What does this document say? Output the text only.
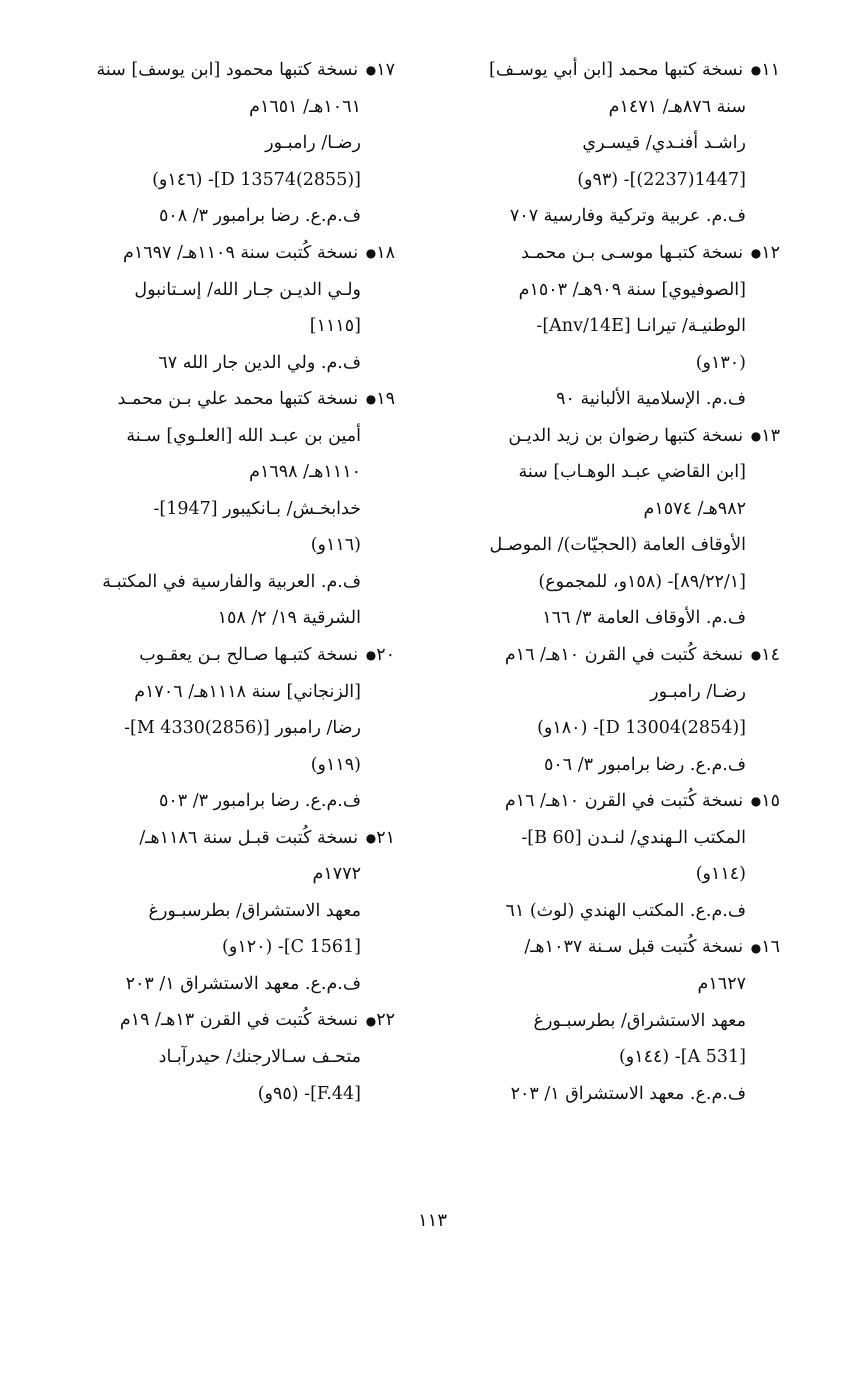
١١● نسخة كتبها محمد [ابن أبي يوسـف]
سنة ٨٧٦هـ/ ١٤٧١م
راشـد أفنـدي/ قيسـري
[1447(2237)]- (٩٣و)
ف.م. عربية وتركية وفارسية ٧٠٧
١٢● نسخة كتبـها موسـى بـن محمـد
[الصوفيوي] سنة ٩٠٩هـ/ ١٥٠٣م
الوطنيـة/ تيرانـا [Anv/14E]-
(١٣٠و)
ف.م. الإسلامية الألبانية ٩٠
١٣● نسخة كتبها رضوان بن زيد الديـن
[ابن القاضي عبـد الوهـاب] سنة
٩٨٢هـ/ ١٥٧٤م
الأوقاف العامة (الحجيّات)/ الموصـل
[٨٩/٢٢/١]- (١٥٨و، للمجموع)
ف.م. الأوقاف العامة ٣/ ١٦٦
١٤● نسخة كُتبت في القرن ١٠هـ/ ١٦م
رضـا/ رامبـور
[D 13004(2854)]- (١٨٠و)
ف.م.ع. رضا برامبور ٣/ ٥٠٦
١٥● نسخة كُتبت في القرن ١٠هـ/ ١٦م
المكتب الـهندي/ لنـدن [B 60]-
(١١٤و)
ف.م.ع. المكتب الهندي (لوث) ٦١
١٦● نسخة كُتبت قبل سـنة ١٠٣٧هـ/
١٦٢٧م
معهد الاستشراق/ بطرسبـورغ
[A 531]- (١٤٤و)
ف.م.ع. معهد الاستشراق ١/ ٢٠٣
١٧● نسخة كتبها محمود [ابن يوسف] سنة
١٠٦١هـ/ ١٦٥١م
رضـا/ رامبـور
[D 13574(2855)]- (١٤٦و)
ف.م.ع. رضا برامبور ٣/ ٥٠٨
١٨● نسخة كُتبت سنة ١١٠٩هـ/ ١٦٩٧م
ولـي الديـن جـار الله/ إسـتانبول
[١١١٥]
ف.م. ولي الدين جار الله ٦٧
١٩● نسخة كتبها محمد علي بـن محمـد
أمين بن عبـد الله [العلـوي] سـنة
١١١٠هـ/ ١٦٩٨م
خدابخـش/ بـانكيبور [1947]-
(١١٦و)
ف.م. العربية والفارسية في المكتبـة
الشرقية ١٩/ ٢/ ١٥٨
٢٠● نسخة كتبـها صـالح بـن يعقـوب
[الزنجاني] سنة ١١١٨هـ/ ١٧٠٦م
رضا/ رامبور [M 4330(2856)]-
(١١٩و)
ف.م.ع. رضا برامبور ٣/ ٥٠٣
٢١● نسخة كُتبت قبـل سنة ١١٨٦هـ/
١٧٧٢م
معهد الاستشراق/ بطرسبـورغ
[C 1561]- (١٢٠و)
ف.م.ع. معهد الاستشراق ١/ ٢٠٣
٢٢● نسخة كُتبت في القرن ١٣هـ/ ١٩م
متحـف سـالارجنك/ حيدرآبـاد
[F.44]- (٩٥و)
١١٣
